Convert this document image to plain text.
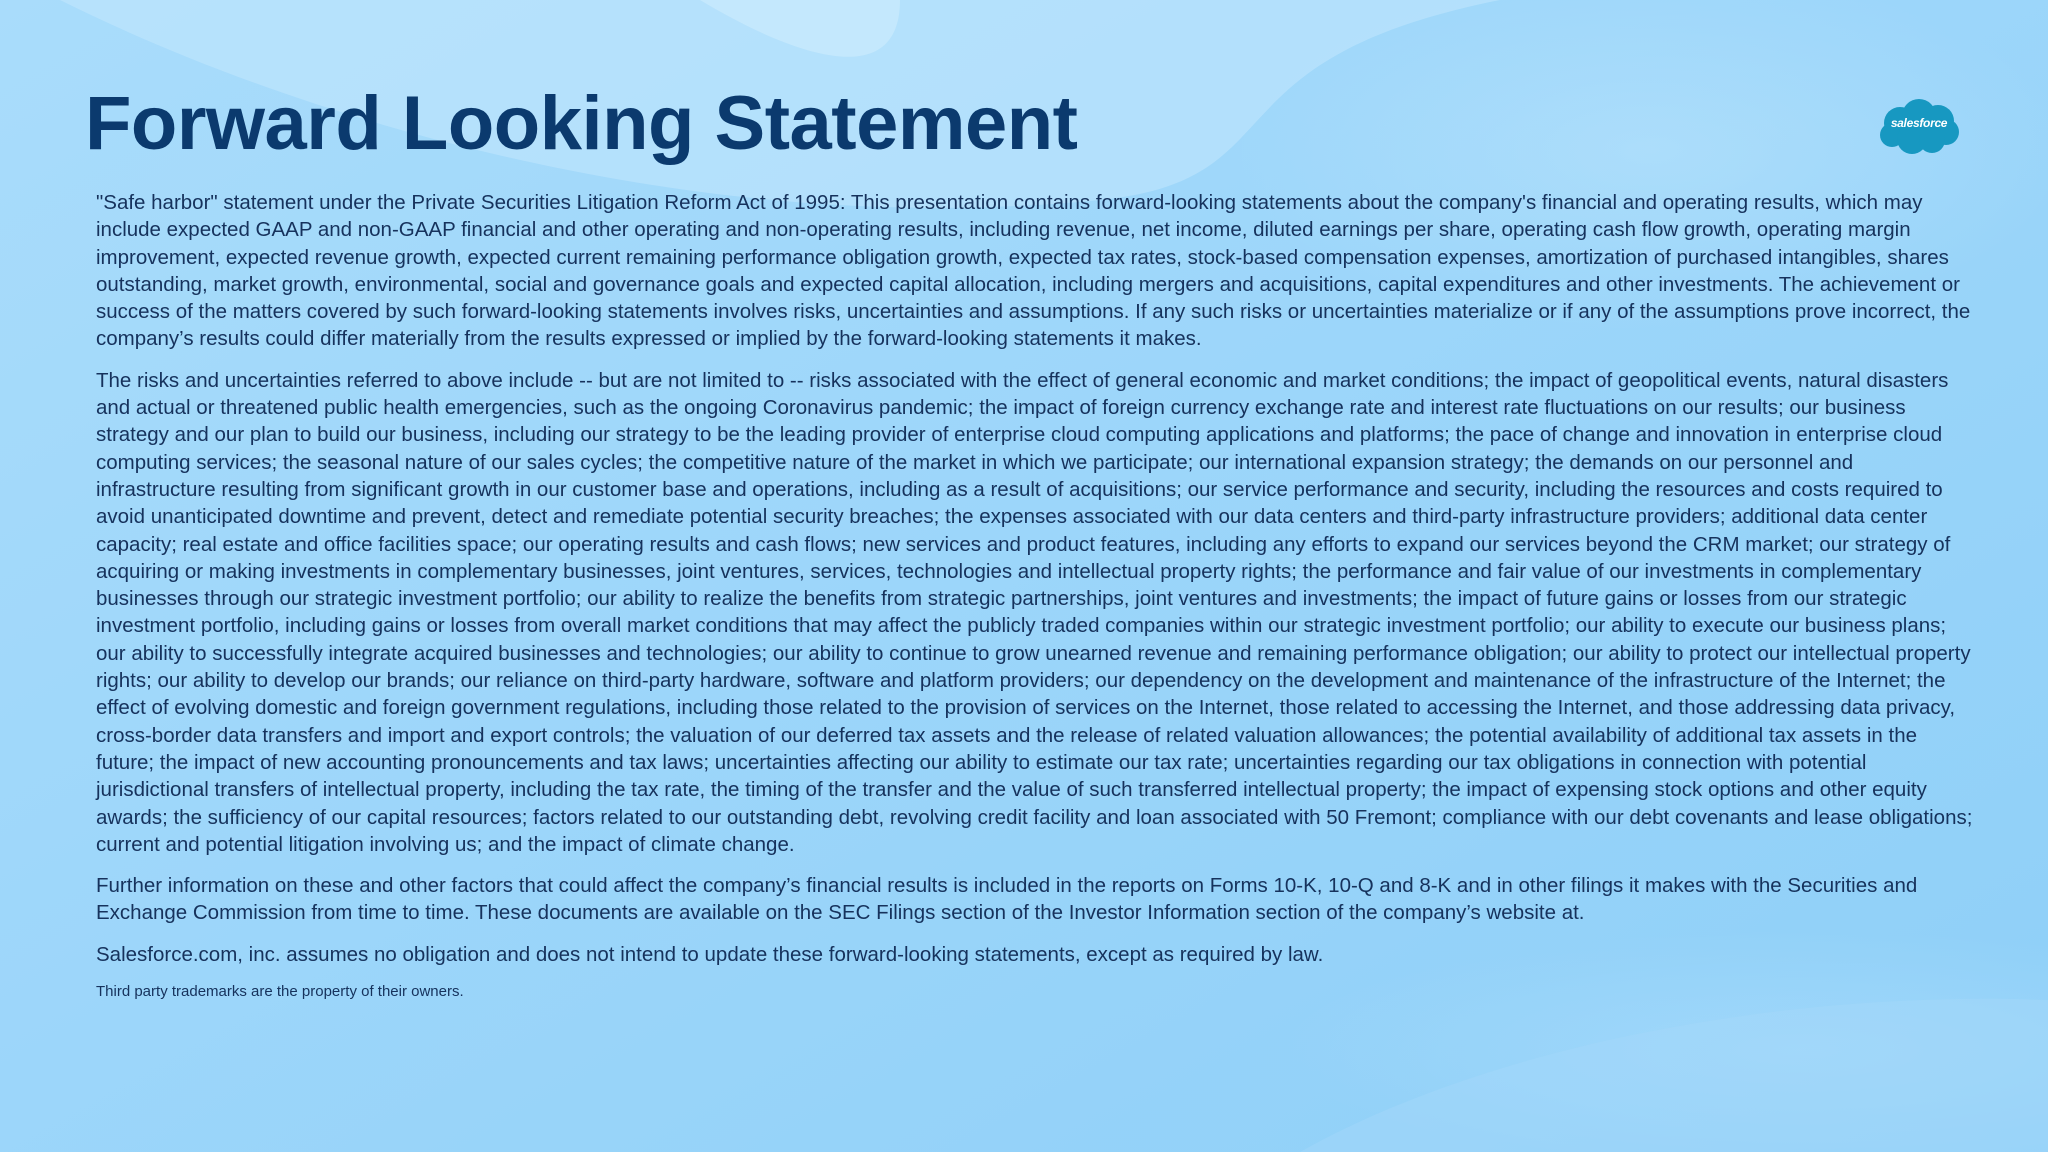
Forward Looking Statement	salesforce

"Safe harbor" statement under the Private Securities Litigation Reform Act of 1995: This presentation contains forward-looking statements about the company's financial and operating results, which may include expected GAAP and non-GAAP financial and other operating and non-operating results, including revenue, net income, diluted earnings per share, operating cash flow growth, operating margin improvement, expected revenue growth, expected current remaining performance obligation growth, expected tax rates, stock-based compensation expenses, amortization of purchased intangibles, shares outstanding, market growth, environmental, social and governance goals and expected capital allocation, including mergers and acquisitions, capital expenditures and other investments. The achievement or success of the matters covered by such forward-looking statements involves risks, uncertainties and assumptions. If any such risks or uncertainties materialize or if any of the assumptions prove incorrect, the company’s results could differ materially from the results expressed or implied by the forward-looking statements it makes.

The risks and uncertainties referred to above include -- but are not limited to -- risks associated with the effect of general economic and market conditions; the impact of geopolitical events, natural disasters and actual or threatened public health emergencies, such as the ongoing Coronavirus pandemic; the impact of foreign currency exchange rate and interest rate fluctuations on our results; our business strategy and our plan to build our business, including our strategy to be the leading provider of enterprise cloud computing applications and platforms; the pace of change and innovation in enterprise cloud computing services; the seasonal nature of our sales cycles; the competitive nature of the market in which we participate; our international expansion strategy; the demands on our personnel and infrastructure resulting from significant growth in our customer base and operations, including as a result of acquisitions; our service performance and security, including the resources and costs required to avoid unanticipated downtime and prevent, detect and remediate potential security breaches; the expenses associated with our data centers and third-party infrastructure providers; additional data center capacity; real estate and office facilities space; our operating results and cash flows; new services and product features, including any efforts to expand our services beyond the CRM market; our strategy of acquiring or making investments in complementary businesses, joint ventures, services, technologies and intellectual property rights; the performance and fair value of our investments in complementary businesses through our strategic investment portfolio; our ability to realize the benefits from strategic partnerships, joint ventures and investments; the impact of future gains or losses from our strategic investment portfolio, including gains or losses from overall market conditions that may affect the publicly traded companies within our strategic investment portfolio; our ability to execute our business plans; our ability to successfully integrate acquired businesses and technologies; our ability to continue to grow unearned revenue and remaining performance obligation; our ability to protect our intellectual property rights; our ability to develop our brands; our reliance on third-party hardware, software and platform providers; our dependency on the development and maintenance of the infrastructure of the Internet; the effect of evolving domestic and foreign government regulations, including those related to the provision of services on the Internet, those related to accessing the Internet, and those addressing data privacy, cross-border data transfers and import and export controls; the valuation of our deferred tax assets and the release of related valuation allowances; the potential availability of additional tax assets in the future; the impact of new accounting pronouncements and tax laws; uncertainties affecting our ability to estimate our tax rate; uncertainties regarding our tax obligations in connection with potential jurisdictional transfers of intellectual property, including the tax rate, the timing of the transfer and the value of such transferred intellectual property; the impact of expensing stock options and other equity awards; the sufficiency of our capital resources; factors related to our outstanding debt, revolving credit facility and loan associated with 50 Fremont; compliance with our debt covenants and lease obligations; current and potential litigation involving us; and the impact of climate change.

Further information on these and other factors that could affect the company’s financial results is included in the reports on Forms 10-K, 10-Q and 8-K and in other filings it makes with the Securities and Exchange Commission from time to time. These documents are available on the SEC Filings section of the Investor Information section of the company’s website at.

Salesforce.com, inc. assumes no obligation and does not intend to update these forward-looking statements, except as required by law.

Third party trademarks are the property of their owners.
